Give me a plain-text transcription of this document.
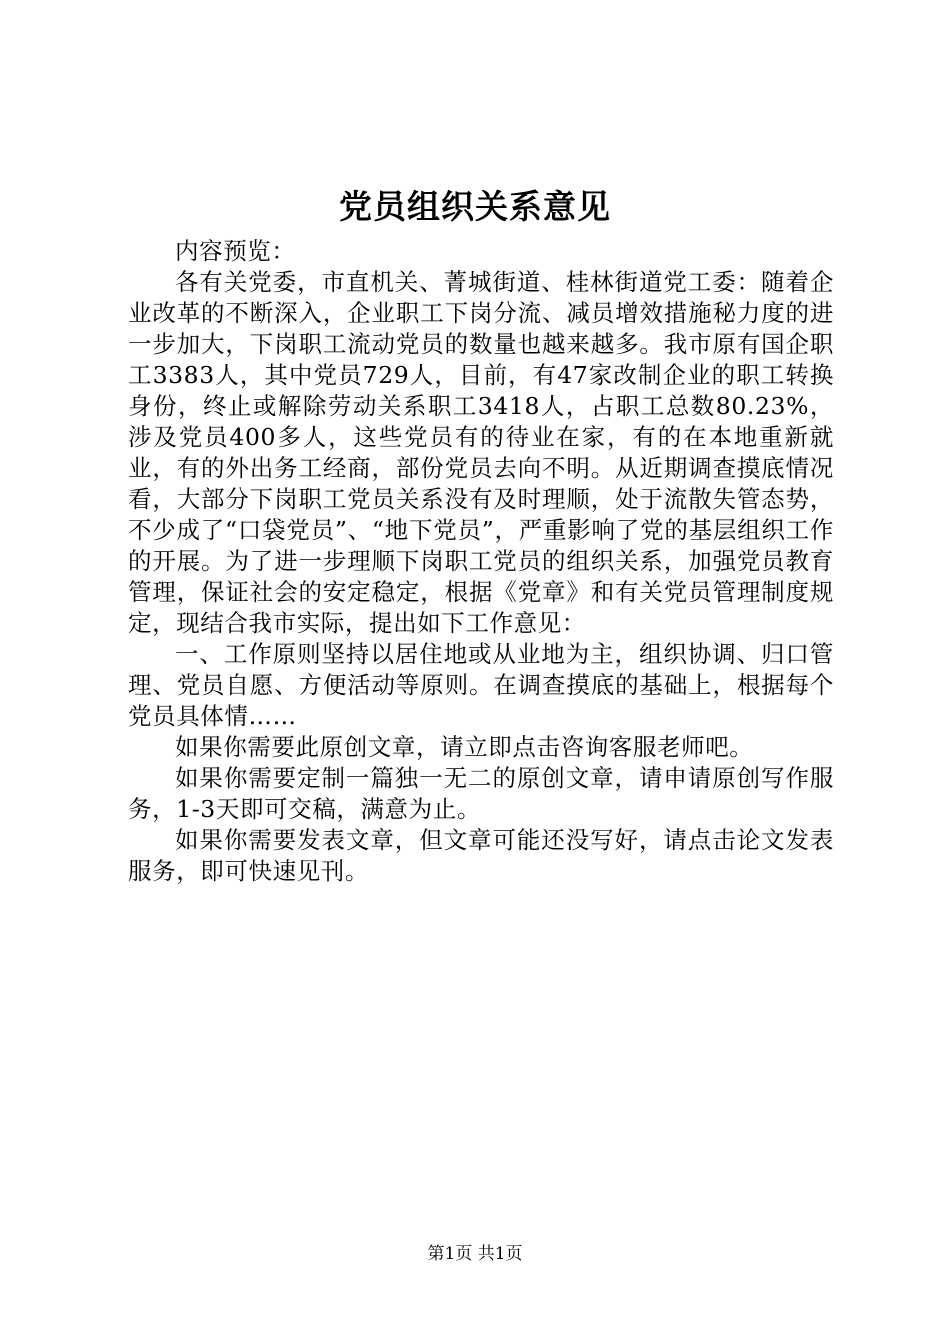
党员组织关系意见

内容预览：

各有关党委，市直机关、菁城街道、桂林街道党工委：随着企业改革的不断深入，企业职工下岗分流、减员增效措施秘力度的进一步加大，下岗职工流动党员的数量也越来越多。我市原有国企职工3383人，其中党员729人，目前，有47家改制企业的职工转换身份，终止或解除劳动关系职工3418人，占职工总数80.23%，涉及党员400多人，这些党员有的待业在家，有的在本地重新就业，有的外出务工经商，部份党员去向不明。从近期调查摸底情况看，大部分下岗职工党员关系没有及时理顺，处于流散失管态势，不少成了“口袋党员”、“地下党员”，严重影响了党的基层组织工作的开展。为了进一步理顺下岗职工党员的组织关系，加强党员教育管理，保证社会的安定稳定，根据《党章》和有关党员管理制度规定，现结合我市实际，提出如下工作意见：

一、工作原则坚持以居住地或从业地为主，组织协调、归口管理、党员自愿、方便活动等原则。在调查摸底的基础上，根据每个党员具体情……

如果你需要此原创文章，请立即点击咨询客服老师吧。

如果你需要定制一篇独一无二的原创文章，请申请原创写作服务，1-3天即可交稿，满意为止。

如果你需要发表文章，但文章可能还没写好，请点击论文发表服务，即可快速见刊。

第1页 共1页
